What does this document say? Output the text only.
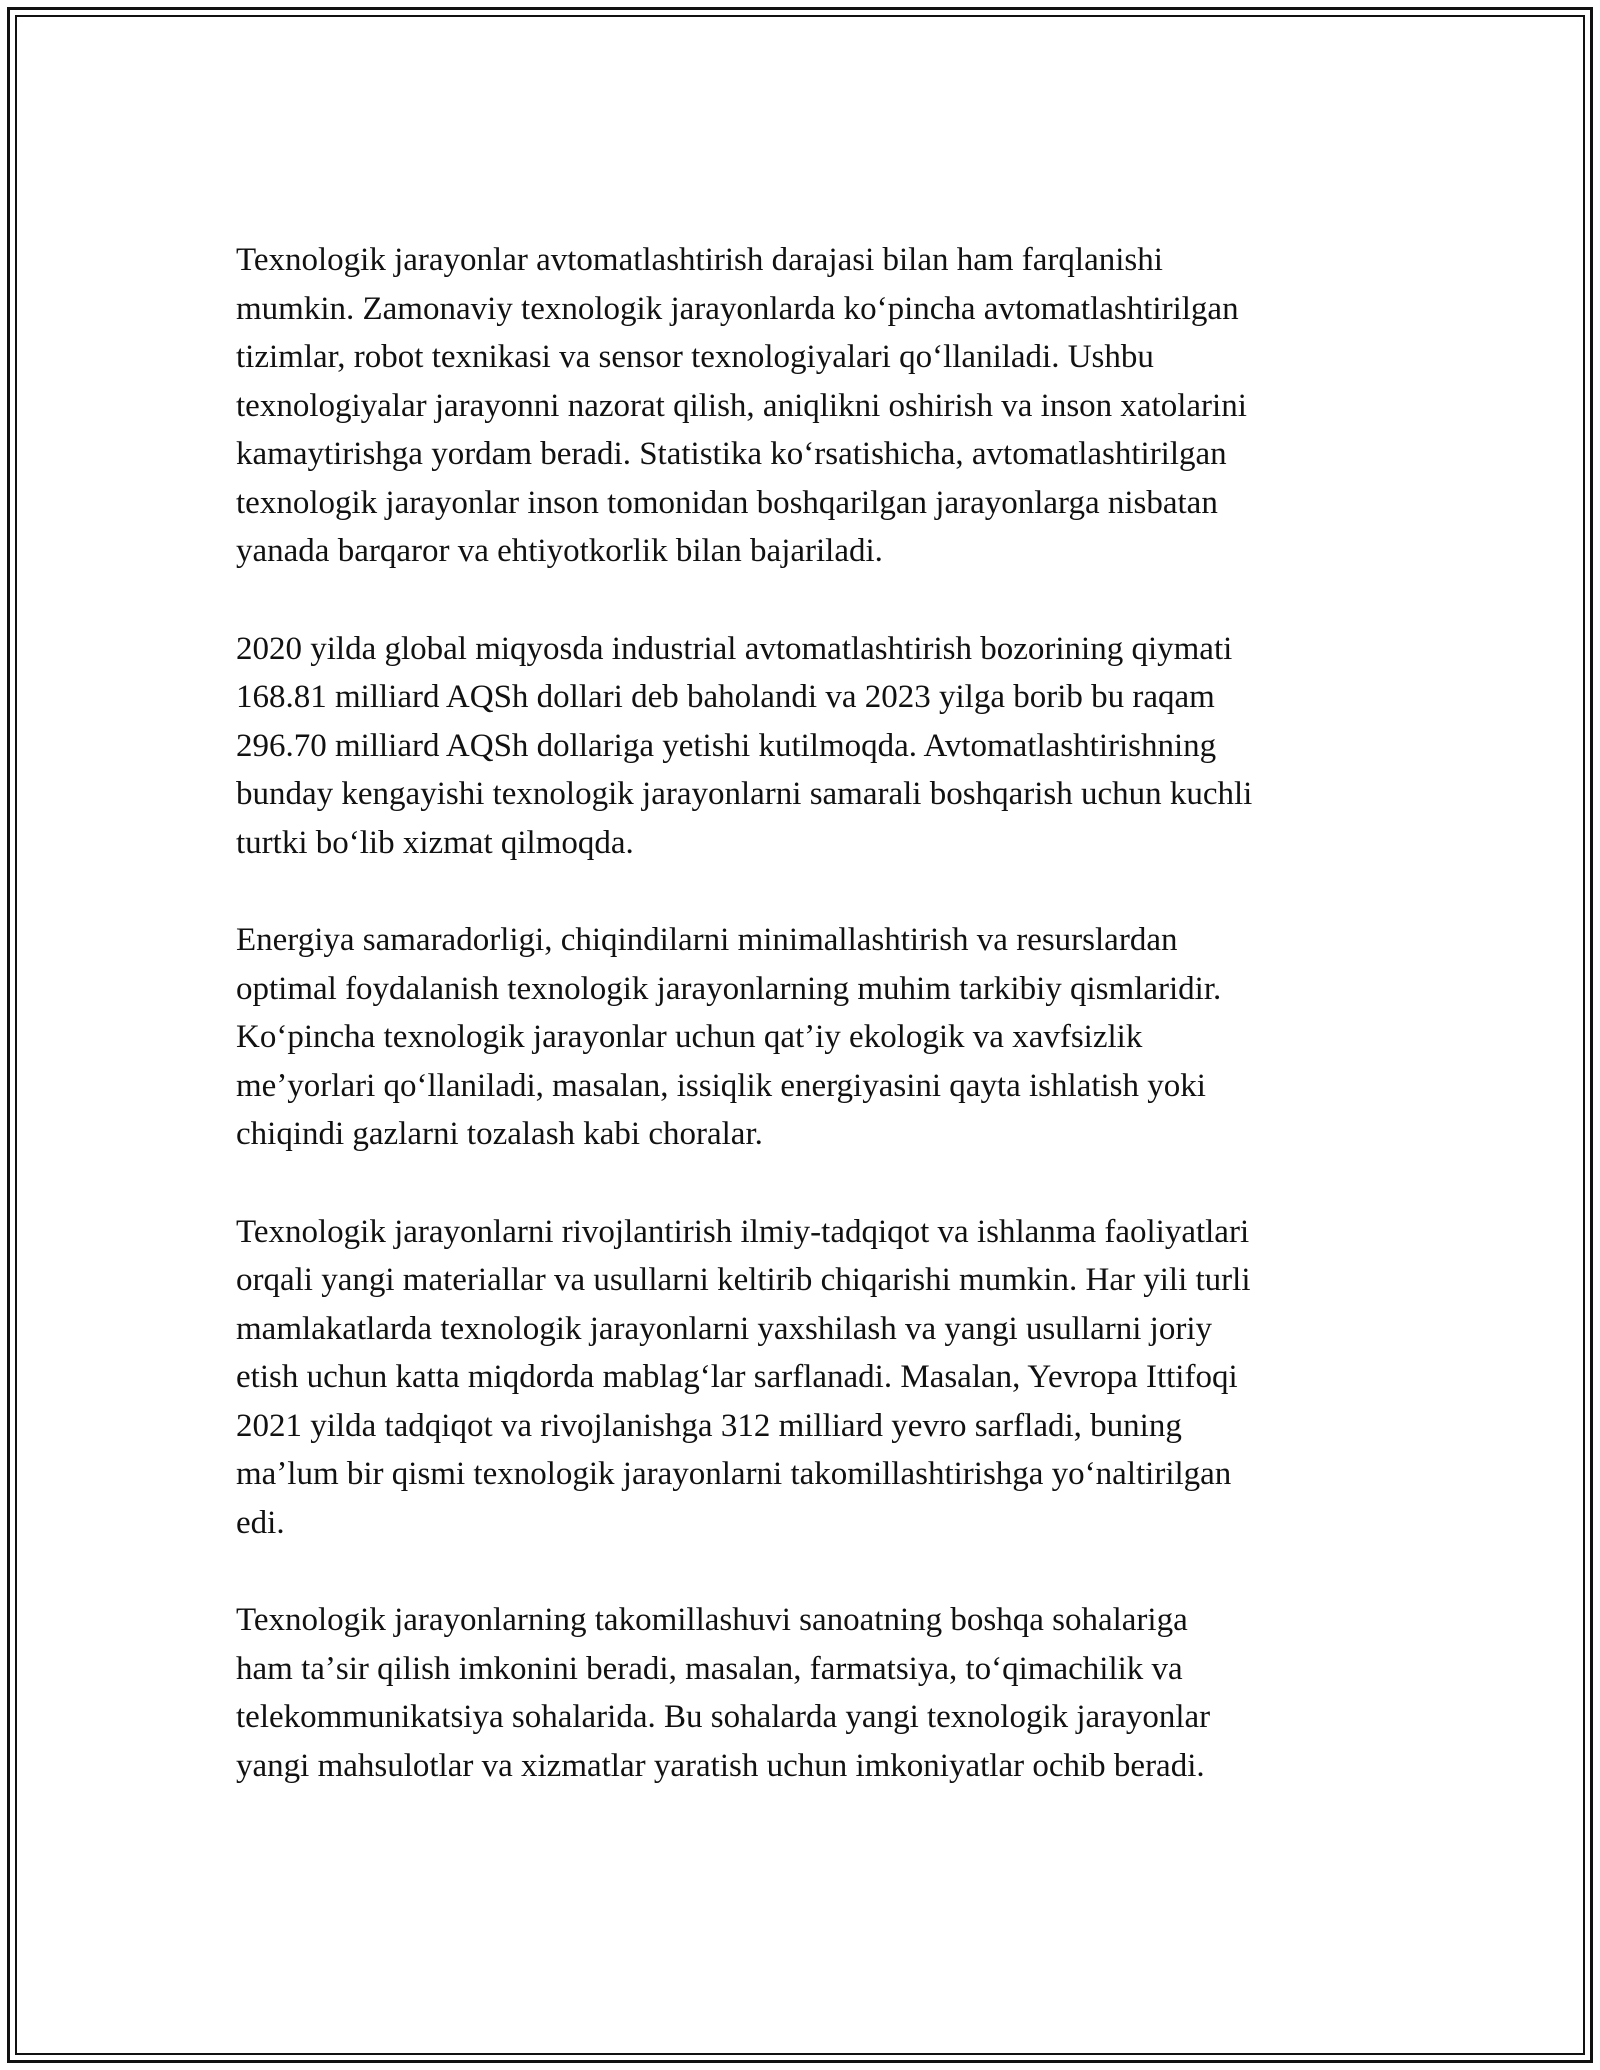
Texnologik jarayonlar avtomatlashtirish darajasi bilan ham farqlanishi
mumkin. Zamonaviy texnologik jarayonlarda koʻpincha avtomatlashtirilgan
tizimlar, robot texnikasi va sensor texnologiyalari qoʻllaniladi. Ushbu
texnologiyalar jarayonni nazorat qilish, aniqlikni oshirish va inson xatolarini
kamaytirishga yordam beradi. Statistika koʻrsatishicha, avtomatlashtirilgan
texnologik jarayonlar inson tomonidan boshqarilgan jarayonlarga nisbatan
yanada barqaror va ehtiyotkorlik bilan bajariladi.

2020 yilda global miqyosda industrial avtomatlashtirish bozorining qiymati
168.81 milliard AQSh dollari deb baholandi va 2023 yilga borib bu raqam
296.70 milliard AQSh dollariga yetishi kutilmoqda. Avtomatlashtirishning
bunday kengayishi texnologik jarayonlarni samarali boshqarish uchun kuchli
turtki boʻlib xizmat qilmoqda.

Energiya samaradorligi, chiqindilarni minimallashtirish va resurslardan
optimal foydalanish texnologik jarayonlarning muhim tarkibiy qismlaridir.
Koʻpincha texnologik jarayonlar uchun qatʼiy ekologik va xavfsizlik
meʼyorlari qoʻllaniladi, masalan, issiqlik energiyasini qayta ishlatish yoki
chiqindi gazlarni tozalash kabi choralar.

Texnologik jarayonlarni rivojlantirish ilmiy-tadqiqot va ishlanma faoliyatlari
orqali yangi materiallar va usullarni keltirib chiqarishi mumkin. Har yili turli
mamlakatlarda texnologik jarayonlarni yaxshilash va yangi usullarni joriy
etish uchun katta miqdorda mablagʻlar sarflanadi. Masalan, Yevropa Ittifoqi
2021 yilda tadqiqot va rivojlanishga 312 milliard yevro sarfladi, buning
maʼlum bir qismi texnologik jarayonlarni takomillashtirishga yoʻnaltirilgan
edi.

Texnologik jarayonlarning takomillashuvi sanoatning boshqa sohalariga
ham taʼsir qilish imkonini beradi, masalan, farmatsiya, toʻqimachilik va
telekommunikatsiya sohalarida. Bu sohalarda yangi texnologik jarayonlar
yangi mahsulotlar va xizmatlar yaratish uchun imkoniyatlar ochib beradi.
